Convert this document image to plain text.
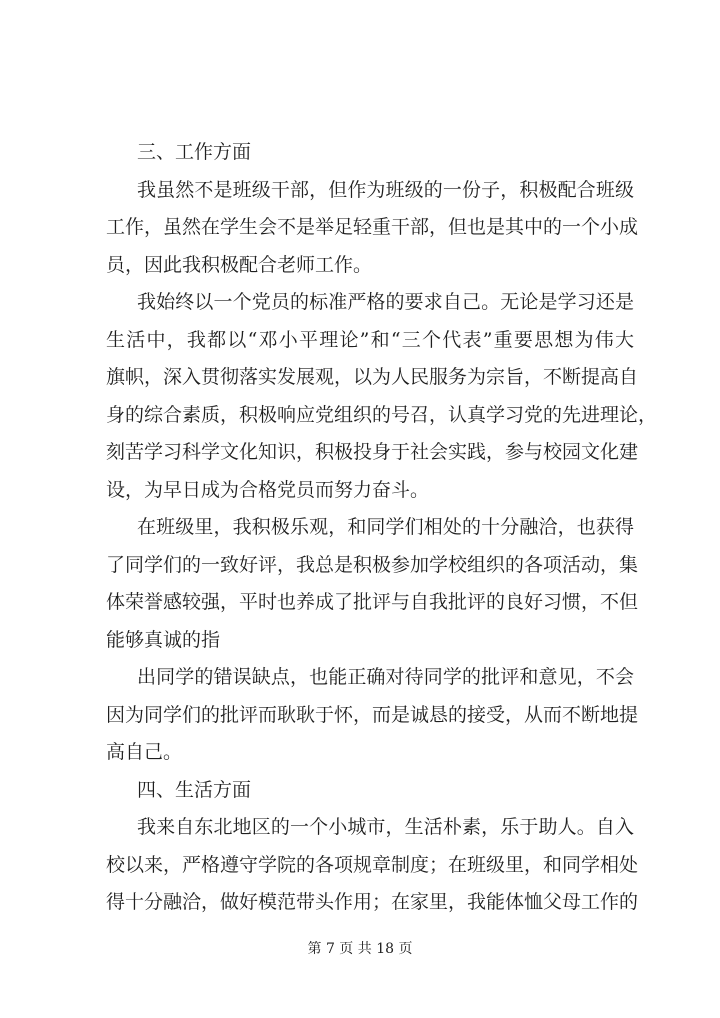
三、工作方面
我虽然不是班级干部，但作为班级的一份子，积极配合班级
工作，虽然在学生会不是举足轻重干部，但也是其中的一个小成
员，因此我积极配合老师工作。
我始终以一个党员的标准严格的要求自己。无论是学习还是
生活中，我都以“邓小平理论”和“三个代表”重要思想为伟大
旗帜，深入贯彻落实发展观，以为人民服务为宗旨，不断提高自
身的综合素质，积极响应党组织的号召，认真学习党的先进理论，
刻苦学习科学文化知识，积极投身于社会实践，参与校园文化建
设，为早日成为合格党员而努力奋斗。
在班级里，我积极乐观，和同学们相处的十分融洽，也获得
了同学们的一致好评，我总是积极参加学校组织的各项活动，集
体荣誉感较强，平时也养成了批评与自我批评的良好习惯，不但
能够真诚的指
出同学的错误缺点，也能正确对待同学的批评和意见，不会
因为同学们的批评而耿耿于怀，而是诚恳的接受，从而不断地提
高自己。
四、生活方面
我来自东北地区的一个小城市，生活朴素，乐于助人。自入
校以来，严格遵守学院的各项规章制度；在班级里，和同学相处
得十分融洽，做好模范带头作用；在家里，我能体恤父母工作的
第 7 页 共 18 页
